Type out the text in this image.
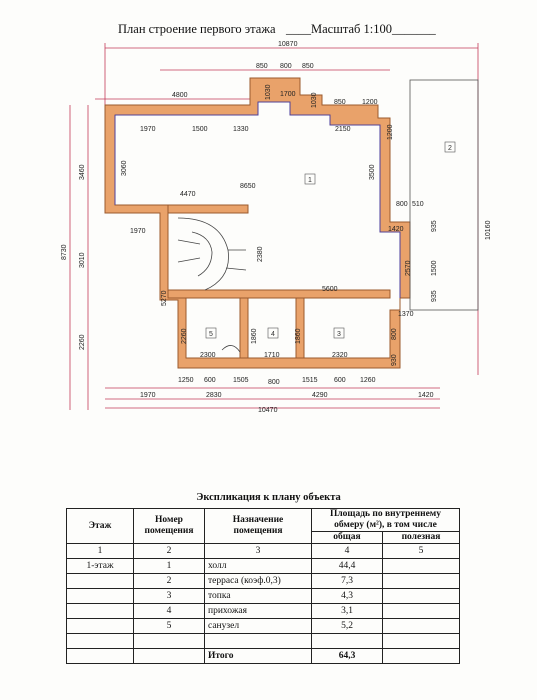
План строение первого этажа ____Масштаб 1:100_______
10870
850 800 850
4800	1700
850 1200
1970	1500	1330	2150
8650
4470
800 510
1420
1970
5600
1370
2300	1710	2320
1250 600 1505	800	1515 600 1260
1970	2830	4290	1420
10470
8730
10160
3460
3010
2260
3060	3500
1200
1030
1030
2380
2570
935
1500
935
5270
2260	1860	1860	800
930
1
2
3
4
5
Экспликация к плану объекта
Этаж	Номер помещения	Назначение помещения	Площадь по внутреннему обмеру (м²), в том числе	
			общая	полезная
1	2	3	4	5
1-этаж	1	холл	44,4	
	2	терраса (коэф.0,3)	7,3	
	3	топка	4,3	
	4	прихожая	3,1	
	5	санузел	5,2	

		Итого	64,3	
